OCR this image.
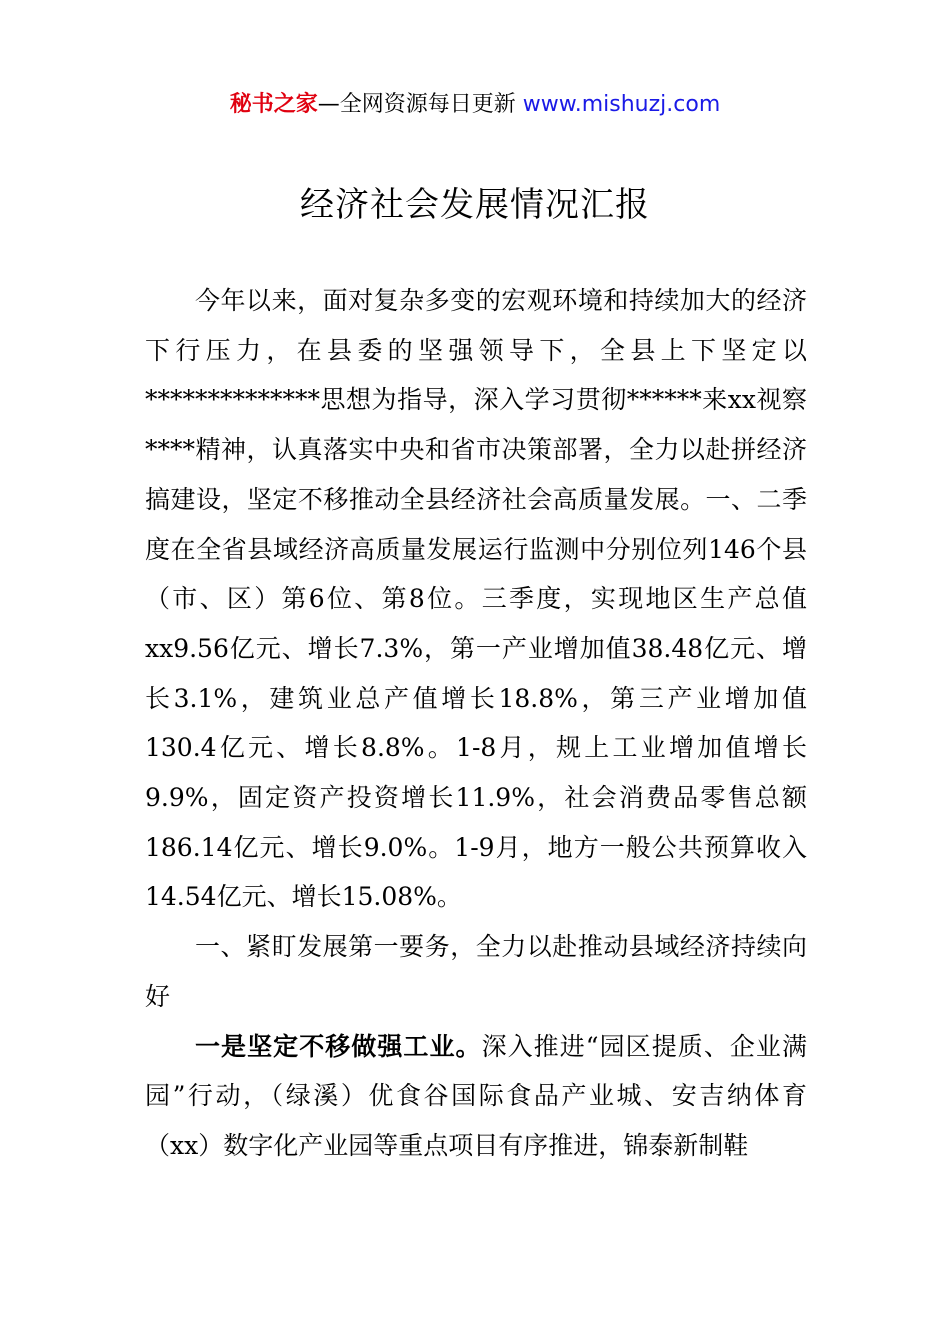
秘书之家—全网资源每日更新 www.mishuzj.com
经济社会发展情况汇报

今年以来，面对复杂多变的宏观环境和持续加大的经济下行压力，在县委的坚强领导下，全县上下坚定以**************思想为指导，深入学习贯彻******来xx视察****精神，认真落实中央和省市决策部署，全力以赴拼经济搞建设，坚定不移推动全县经济社会高质量发展。一、二季度在全省县域经济高质量发展运行监测中分别位列146个县（市、区）第6位、第8位。三季度，实现地区生产总值xx9.56亿元、增长7.3%，第一产业增加值38.48亿元、增长3.1%，建筑业总产值增长18.8%，第三产业增加值130.4亿元、增长8.8%。1-8月，规上工业增加值增长9.9%，固定资产投资增长11.9%，社会消费品零售总额186.14亿元、增长9.0%。1-9月，地方一般公共预算收入14.54亿元、增长15.08%。

一、紧盯发展第一要务，全力以赴推动县域经济持续向好

一是坚定不移做强工业。深入推进“园区提质、企业满园”行动，（绿溪）优食谷国际食品产业城、安吉纳体育（xx）数字化产业园等重点项目有序推进，锦泰新制鞋
